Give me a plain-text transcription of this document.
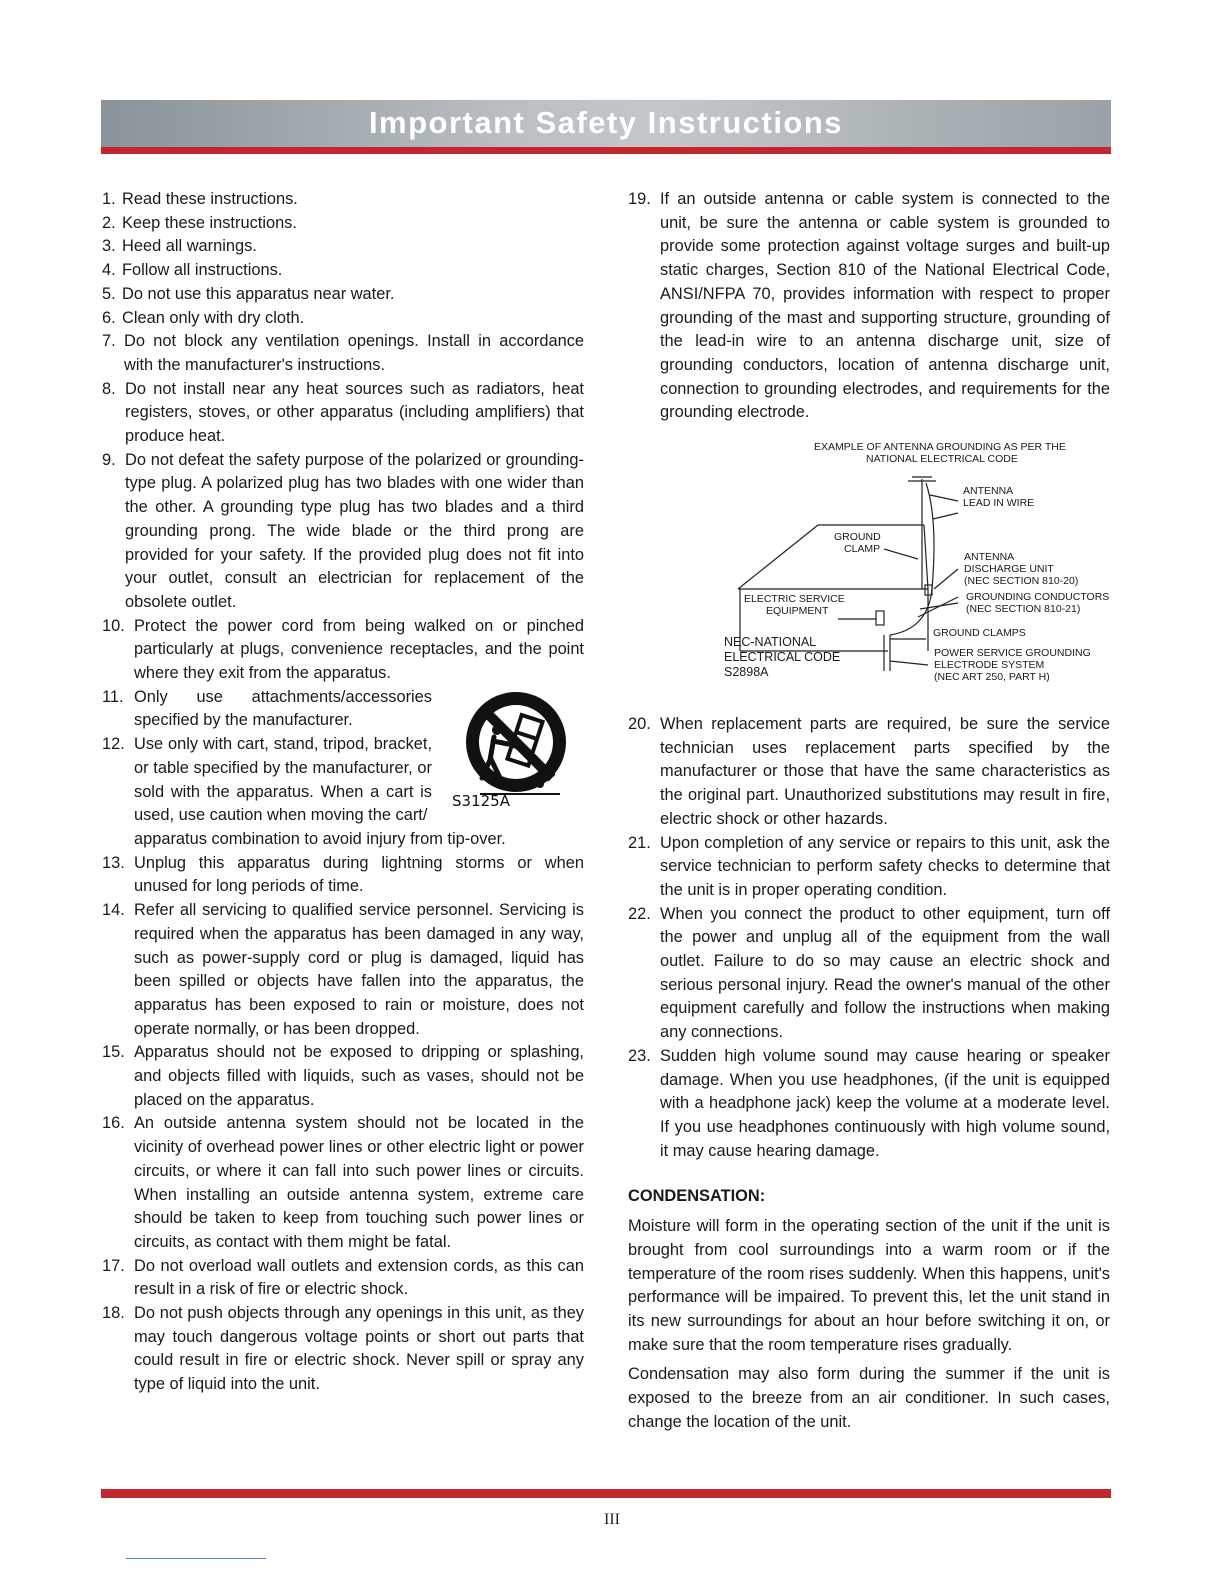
Important Safety Instructions
1. Read these instructions.
2. Keep these instructions.
3. Heed all warnings.
4. Follow all instructions.
5. Do not use this apparatus near water.
6. Clean only with dry cloth.
7. Do not block any ventilation openings. Install in accordance with the manufacturer's instructions.
8. Do not install near any heat sources such as radiators, heat registers, stoves, or other apparatus (including amplifiers) that produce heat.
9. Do not defeat the safety purpose of the polarized or grounding-type plug. A polarized plug has two blades with one wider than the other. A grounding type plug has two blades and a third grounding prong. The wide blade or the third prong are provided for your safety. If the provided plug does not fit into your outlet, consult an electrician for replacement of the obsolete outlet.
10. Protect the power cord from being walked on or pinched particularly at plugs, convenience receptacles, and the point where they exit from the apparatus.
S3125A
11. Only use attachments/accessories specified by the manufacturer.
12. Use only with cart, stand, tripod, bracket, or table specified by the manufacturer, or sold with the apparatus. When a cart is used, use caution when moving the cart/
apparatus combination to avoid injury from tip-over.
13. Unplug this apparatus during lightning storms or when unused for long periods of time.
14. Refer all servicing to qualified service personnel. Servicing is required when the apparatus has been damaged in any way, such as power-supply cord or plug is damaged, liquid has been spilled or objects have fallen into the apparatus, the apparatus has been exposed to rain or moisture, does not operate normally, or has been dropped.
15. Apparatus should not be exposed to dripping or splashing, and objects filled with liquids, such as vases, should not be placed on the apparatus.
16. An outside antenna system should not be located in the vicinity of overhead power lines or other electric light or power circuits, or where it can fall into such power lines or circuits. When installing an outside antenna system, extreme care should be taken to keep from touching such power lines or circuits, as contact with them might be fatal.
17. Do not overload wall outlets and extension cords, as this can result in a risk of fire or electric shock.
18. Do not push objects through any openings in this unit, as they may touch dangerous voltage points or short out parts that could result in fire or electric shock. Never spill or spray any type of liquid into the unit.
19. If an outside antenna or cable system is connected to the unit, be sure the antenna or cable system is grounded to provide some protection against voltage surges and built-up static charges, Section 810 of the National Electrical Code, ANSI/NFPA 70, provides information with respect to proper grounding of the mast and supporting structure, grounding of the lead-in wire to an antenna discharge unit, size of grounding conductors, location of antenna discharge unit, connection to grounding electrodes, and requirements for the grounding electrode.
EXAMPLE OF ANTENNA GROUNDING AS PER THE
NATIONAL ELECTRICAL CODE
ANTENNA
LEAD IN WIRE
GROUND
CLAMP
ANTENNA
DISCHARGE UNIT
(NEC SECTION 810-20)
ELECTRIC SERVICE
EQUIPMENT
GROUNDING CONDUCTORS
(NEC SECTION 810-21)
GROUND CLAMPS
NEC-NATIONAL
ELECTRICAL CODE
S2898A
POWER SERVICE GROUNDING
ELECTRODE SYSTEM
(NEC ART 250, PART H)
20. When replacement parts are required, be sure the service technician uses replacement parts specified by the manufacturer or those that have the same characteristics as the original part. Unauthorized substitutions may result in fire, electric shock or other hazards.
21. Upon completion of any service or repairs to this unit, ask the service technician to perform safety checks to determine that the unit is in proper operating condition.
22. When you connect the product to other equipment, turn off the power and unplug all of the equipment from the wall outlet. Failure to do so may cause an electric shock and serious personal injury. Read the owner's manual of the other equipment carefully and follow the instructions when making any connections.
23. Sudden high volume sound may cause hearing or speaker damage. When you use headphones, (if the unit is equipped with a headphone jack) keep the volume at a moderate level. If you use headphones continuously with high volume sound, it may cause hearing damage.
CONDENSATION:
Moisture will form in the operating section of the unit if the unit is brought from cool surroundings into a warm room or if the temperature of the room rises suddenly. When this happens, unit's performance will be impaired. To prevent this, let the unit stand in its new surroundings for about an hour before switching it on, or make sure that the room temperature rises gradually.
Condensation may also form during the summer if the unit is exposed to the breeze from an air conditioner. In such cases, change the location of the unit.
III
